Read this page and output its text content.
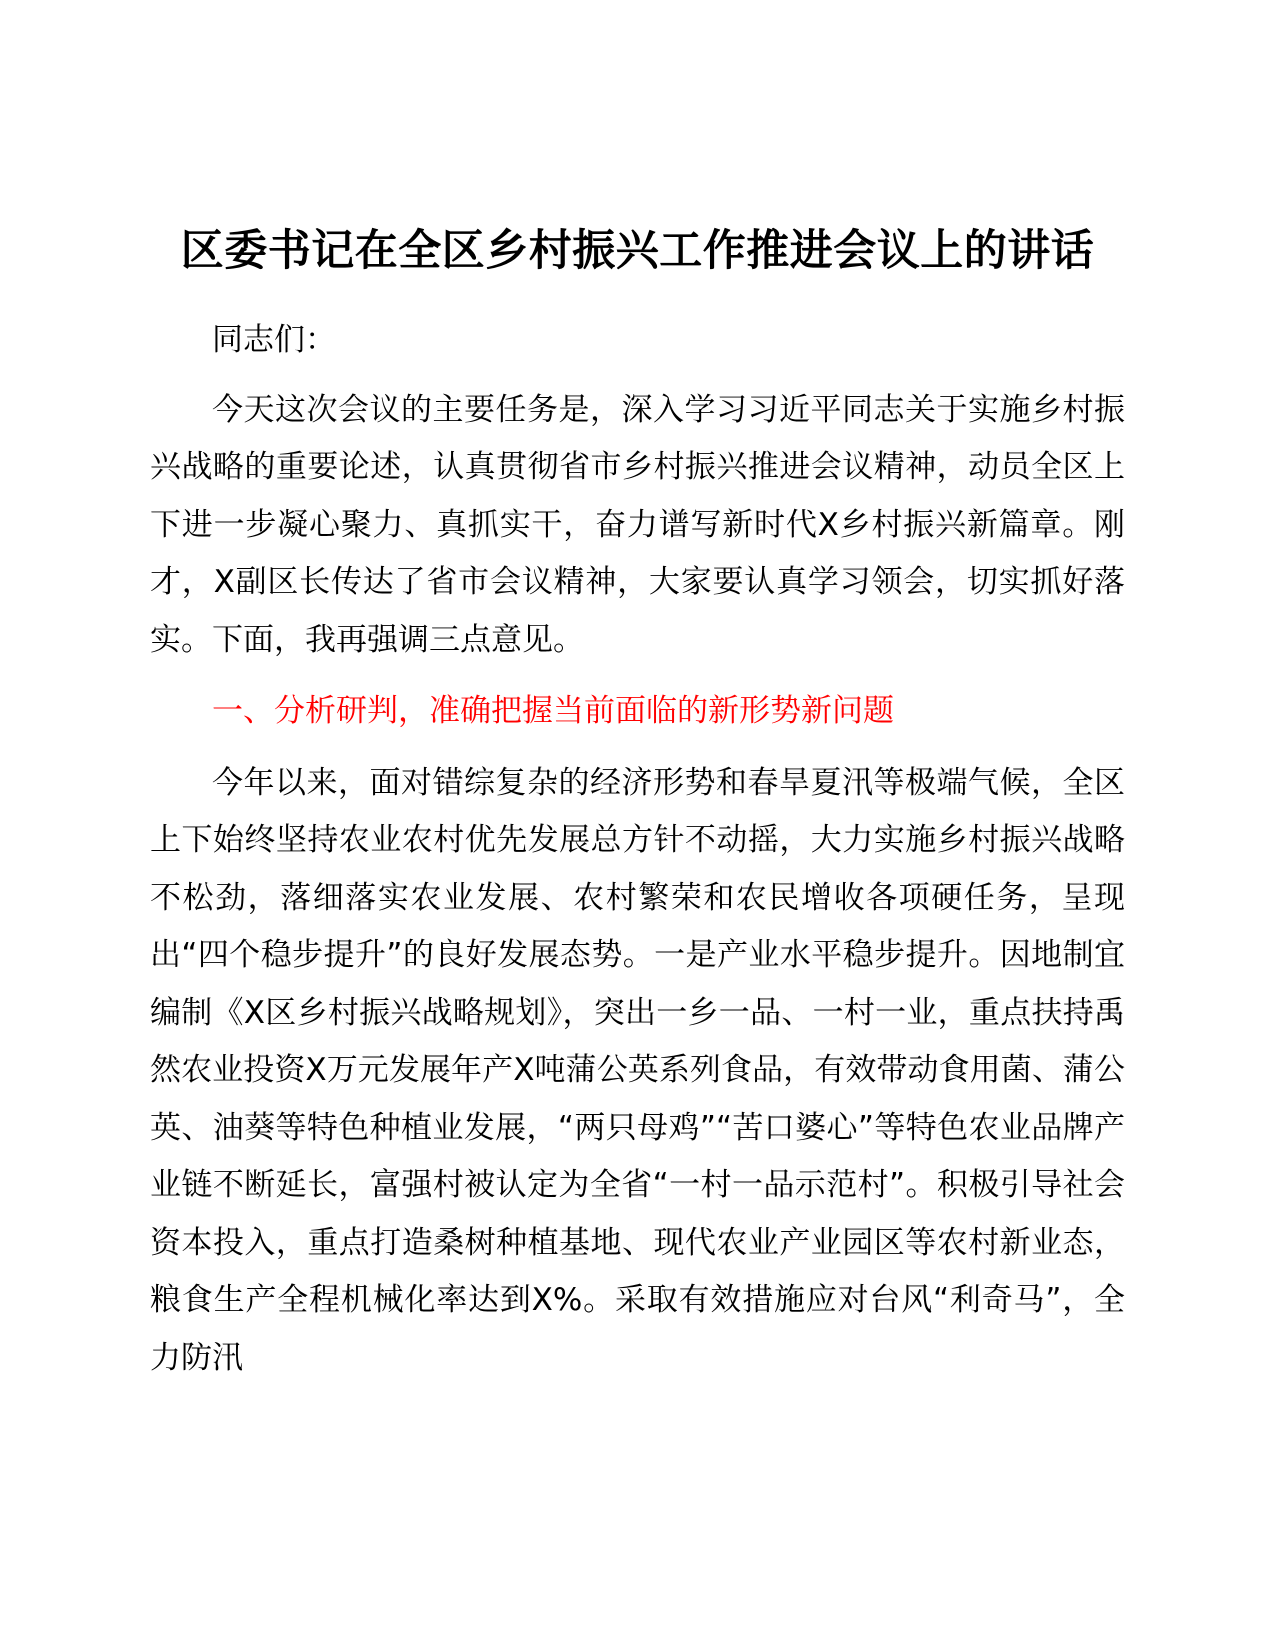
区委书记在全区乡村振兴工作推进会议上的讲话

同志们：

今天这次会议的主要任务是，深入学习习近平同志关于实施乡村振兴战略的重要论述，认真贯彻省市乡村振兴推进会议精神，动员全区上下进一步凝心聚力、真抓实干，奋力谱写新时代X乡村振兴新篇章。刚才，X副区长传达了省市会议精神，大家要认真学习领会，切实抓好落实。下面，我再强调三点意见。

一、分析研判，准确把握当前面临的新形势新问题

今年以来，面对错综复杂的经济形势和春旱夏汛等极端气候，全区上下始终坚持农业农村优先发展总方针不动摇，大力实施乡村振兴战略不松劲，落细落实农业发展、农村繁荣和农民增收各项硬任务，呈现出“四个稳步提升”的良好发展态势。一是产业水平稳步提升。因地制宜编制《X区乡村振兴战略规划》，突出一乡一品、一村一业，重点扶持禹然农业投资X万元发展年产X吨蒲公英系列食品，有效带动食用菌、蒲公英、油葵等特色种植业发展，“两只母鸡”“苦口婆心”等特色农业品牌产业链不断延长，富强村被认定为全省“一村一品示范村”。积极引导社会资本投入，重点打造桑树种植基地、现代农业产业园区等农村新业态，粮食生产全程机械化率达到X%。采取有效措施应对台风“利奇马”，全力防汛
